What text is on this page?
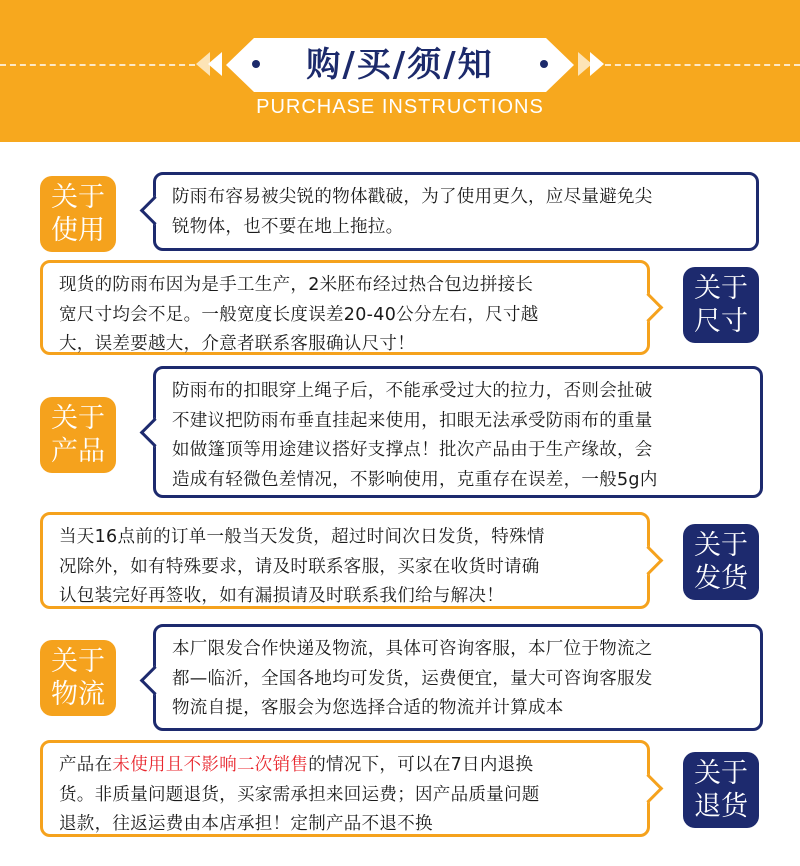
购/买/须/知
PURCHASE INSTRUCTIONS
关于
使用
防雨布容易被尖锐的物体戳破，为了使用更久，应尽量避免尖
锐物体，也不要在地上拖拉。
现货的防雨布因为是手工生产，2米胚布经过热合包边拼接长
宽尺寸均会不足。一般宽度长度误差20-40公分左右，尺寸越
大，误差要越大，介意者联系客服确认尺寸！
关于
尺寸
关于
产品
防雨布的扣眼穿上绳子后，不能承受过大的拉力，否则会扯破
不建议把防雨布垂直挂起来使用，扣眼无法承受防雨布的重量
如做篷顶等用途建议搭好支撑点！批次产品由于生产缘故，会
造成有轻微色差情况，不影响使用，克重存在误差，一般5g内
当天16点前的订单一般当天发货，超过时间次日发货，特殊情
况除外，如有特殊要求，请及时联系客服，买家在收货时请确
认包装完好再签收，如有漏损请及时联系我们给与解决！
关于
发货
关于
物流
本厂限发合作快递及物流，具体可咨询客服，本厂位于物流之
都—临沂，全国各地均可发货，运费便宜，量大可咨询客服发
物流自提，客服会为您选择合适的物流并计算成本
产品在未使用且不影响二次销售的情况下，可以在7日内退换
货。非质量问题退货，买家需承担来回运费；因产品质量问题
退款，往返运费由本店承担！定制产品不退不换
关于
退货
